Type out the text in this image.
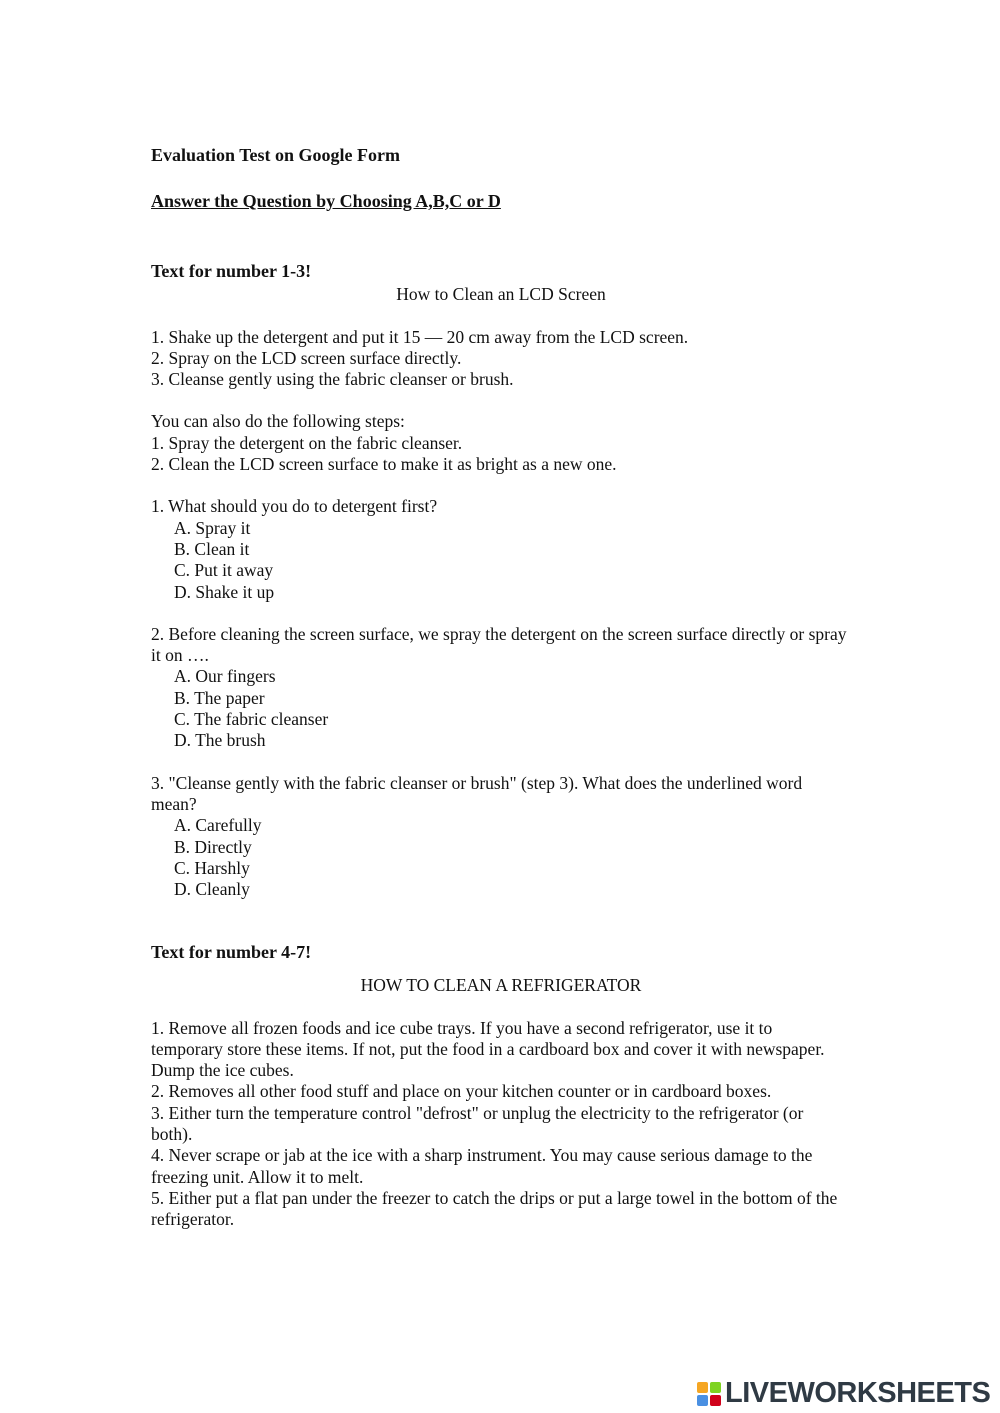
Evaluation Test on Google Form
Answer the Question by Choosing A,B,C or D
Text for number 1-3!
How to Clean an LCD Screen
1. Shake up the detergent and put it 15 — 20 cm away from the LCD screen.
2. Spray on the LCD screen surface directly.
3. Cleanse gently using the fabric cleanser or brush.
You can also do the following steps:
1. Spray the detergent on the fabric cleanser.
2. Clean the LCD screen surface to make it as bright as a new one.
1. What should you do to detergent first?
A. Spray it
B. Clean it
C. Put it away
D. Shake it up
2. Before cleaning the screen surface, we spray the detergent on the screen surface directly or spray it on ….
A. Our fingers
B. The paper
C. The fabric cleanser
D. The brush
3. "Cleanse gently with the fabric cleanser or brush" (step 3). What does the underlined word mean?
A. Carefully
B. Directly
C. Harshly
D. Cleanly
Text for number 4-7!
HOW TO CLEAN A REFRIGERATOR
1. Remove all frozen foods and ice cube trays. If you have a second refrigerator, use it to temporary store these items. If not, put the food in a cardboard box and cover it with newspaper. Dump the ice cubes.
2. Removes all other food stuff and place on your kitchen counter or in cardboard boxes.
3. Either turn the temperature control "defrost" or unplug the electricity to the refrigerator (or both).
4. Never scrape or jab at the ice with a sharp instrument. You may cause serious damage to the freezing unit. Allow it to melt.
5. Either put a flat pan under the freezer to catch the drips or put a large towel in the bottom of the refrigerator.
LIVEWORKSHEETS
